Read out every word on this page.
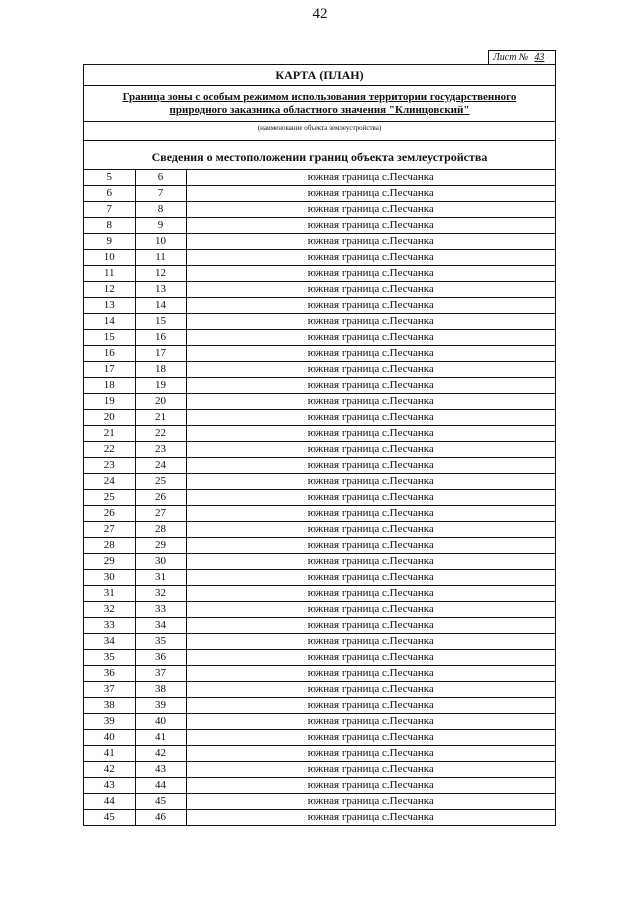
42
Лист № 43
КАРТА (ПЛАН)
Граница зоны с особым режимом использования территории государственного природного заказника областного значения "Клинцовский"
(наименование объекта землеустройства)
Сведения о местоположении границ объекта землеустройства
5	6	южная граница с.Песчанка
6	7	южная граница с.Песчанка
7	8	южная граница с.Песчанка
8	9	южная граница с.Песчанка
9	10	южная граница с.Песчанка
10	11	южная граница с.Песчанка
11	12	южная граница с.Песчанка
12	13	южная граница с.Песчанка
13	14	южная граница с.Песчанка
14	15	южная граница с.Песчанка
15	16	южная граница с.Песчанка
16	17	южная граница с.Песчанка
17	18	южная граница с.Песчанка
18	19	южная граница с.Песчанка
19	20	южная граница с.Песчанка
20	21	южная граница с.Песчанка
21	22	южная граница с.Песчанка
22	23	южная граница с.Песчанка
23	24	южная граница с.Песчанка
24	25	южная граница с.Песчанка
25	26	южная граница с.Песчанка
26	27	южная граница с.Песчанка
27	28	южная граница с.Песчанка
28	29	южная граница с.Песчанка
29	30	южная граница с.Песчанка
30	31	южная граница с.Песчанка
31	32	южная граница с.Песчанка
32	33	южная граница с.Песчанка
33	34	южная граница с.Песчанка
34	35	южная граница с.Песчанка
35	36	южная граница с.Песчанка
36	37	южная граница с.Песчанка
37	38	южная граница с.Песчанка
38	39	южная граница с.Песчанка
39	40	южная граница с.Песчанка
40	41	южная граница с.Песчанка
41	42	южная граница с.Песчанка
42	43	южная граница с.Песчанка
43	44	южная граница с.Песчанка
44	45	южная граница с.Песчанка
45	46	южная граница с.Песчанка
